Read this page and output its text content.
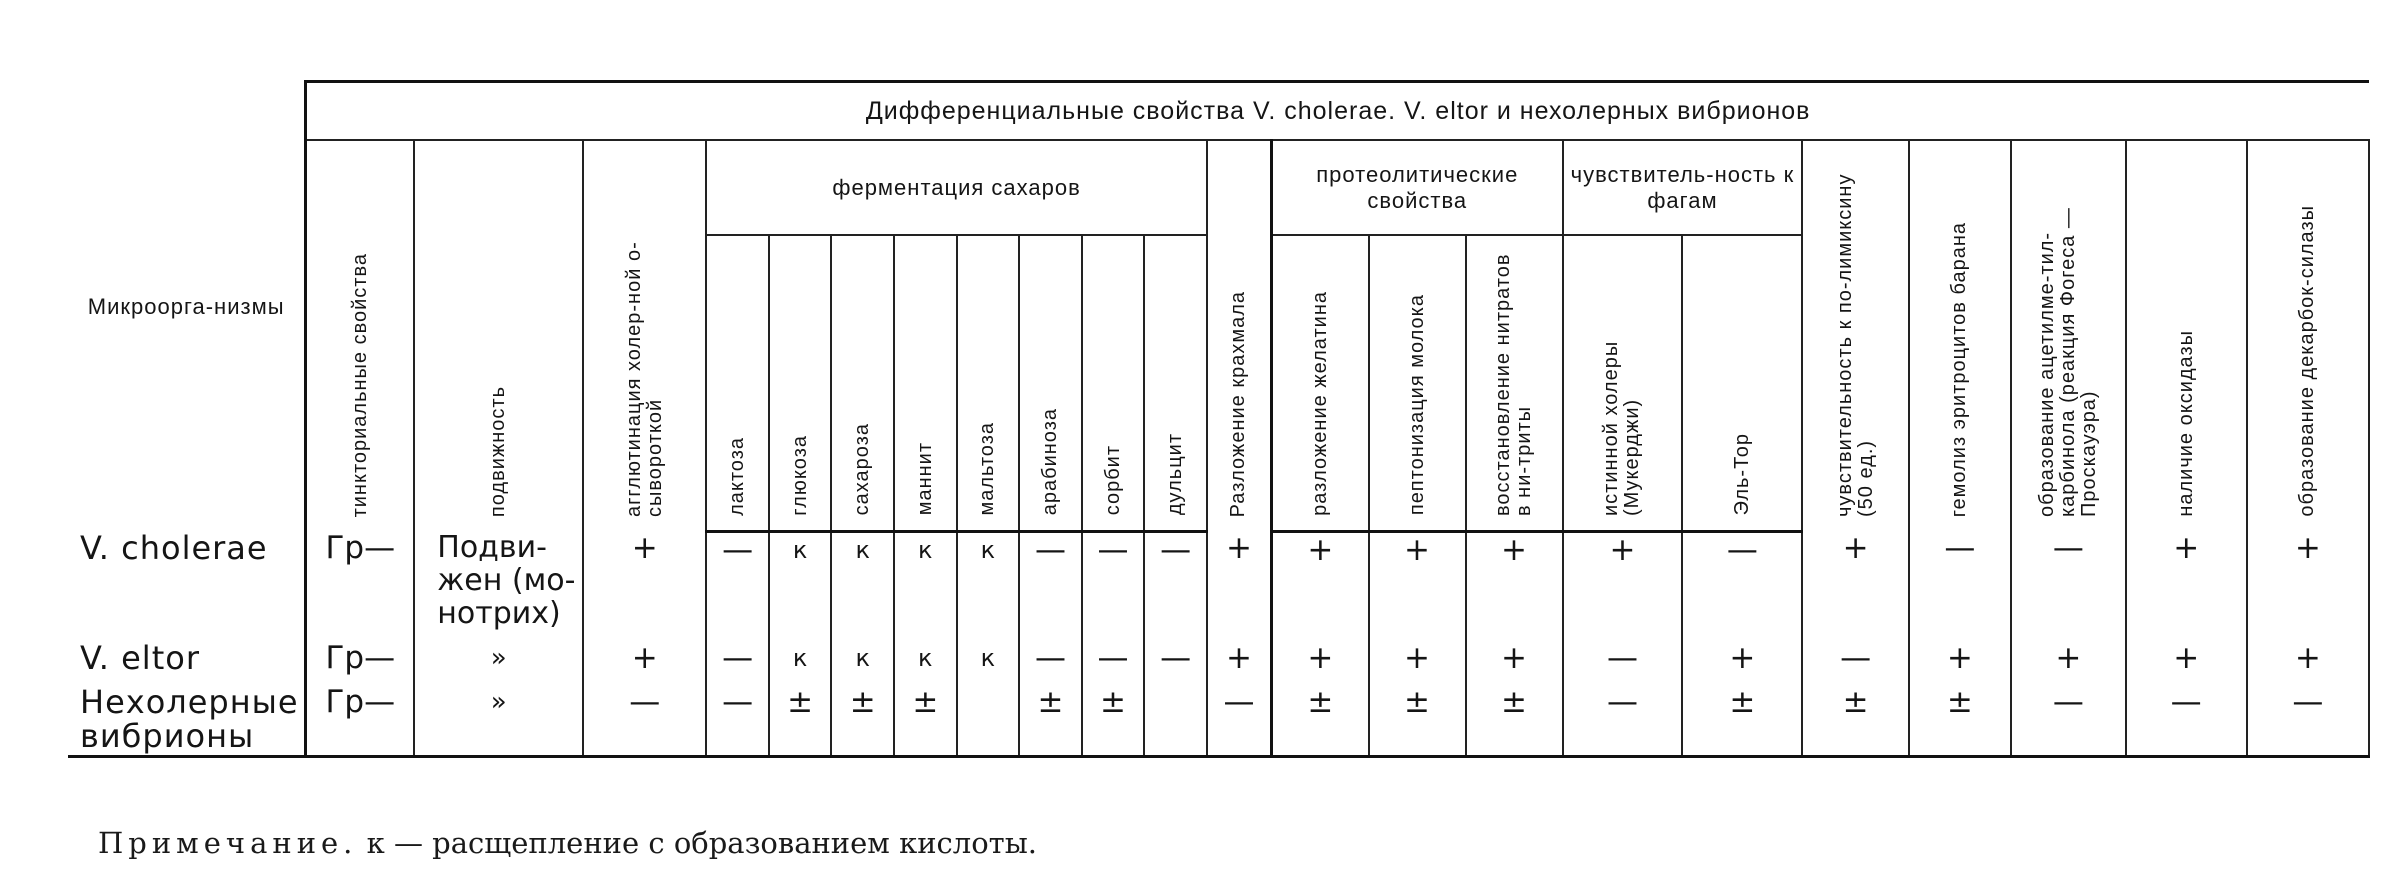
Микроорга-низмы	Дифференциальные свойства V. cholerae. V. eltor и нехолерных вибрионов																					

	тинкториальные свойства	подвижность	агглютинация холер-ной о-сывороткой	ферментация сахаров								Разложение крахмала	протеолитические свойства			чувствитель-ность к фагам		чувствительность к по-лимиксину (50 ед.)	гемолиз эритроцитов барана	образование ацетилме-тил-карбинола (реакция Фогеса — Проскауэра)	наличие оксидазы	образование декарбок-силазы

				лактоза	глюкоза	сахароза	маннит	мальтоза	арабиноза	сорбит	дульцит		разложение желатина	пептонизация молока	восстановление нитратов в ни-триты	истинной холеры (Мукерджи)	Эль-Тор					

V. cholerae	Гр—	Подви-жен (мо-нотрих)	+	—	к	к	к	к	—	—	—	+	+	+	+	+	—	+	—	—	+	+
V. eltor	Гр—	»	+	—	к	к	к	к	—	—	—	+	+	+	+	—	+	—	+	+	+	+
Нехолерные вибрионы	Гр—	»	—	—	±	±	±		±	±		—	±	±	±	—	±	±	±	—	—	—
Примечание. к — расщепление с образованием кислоты.
